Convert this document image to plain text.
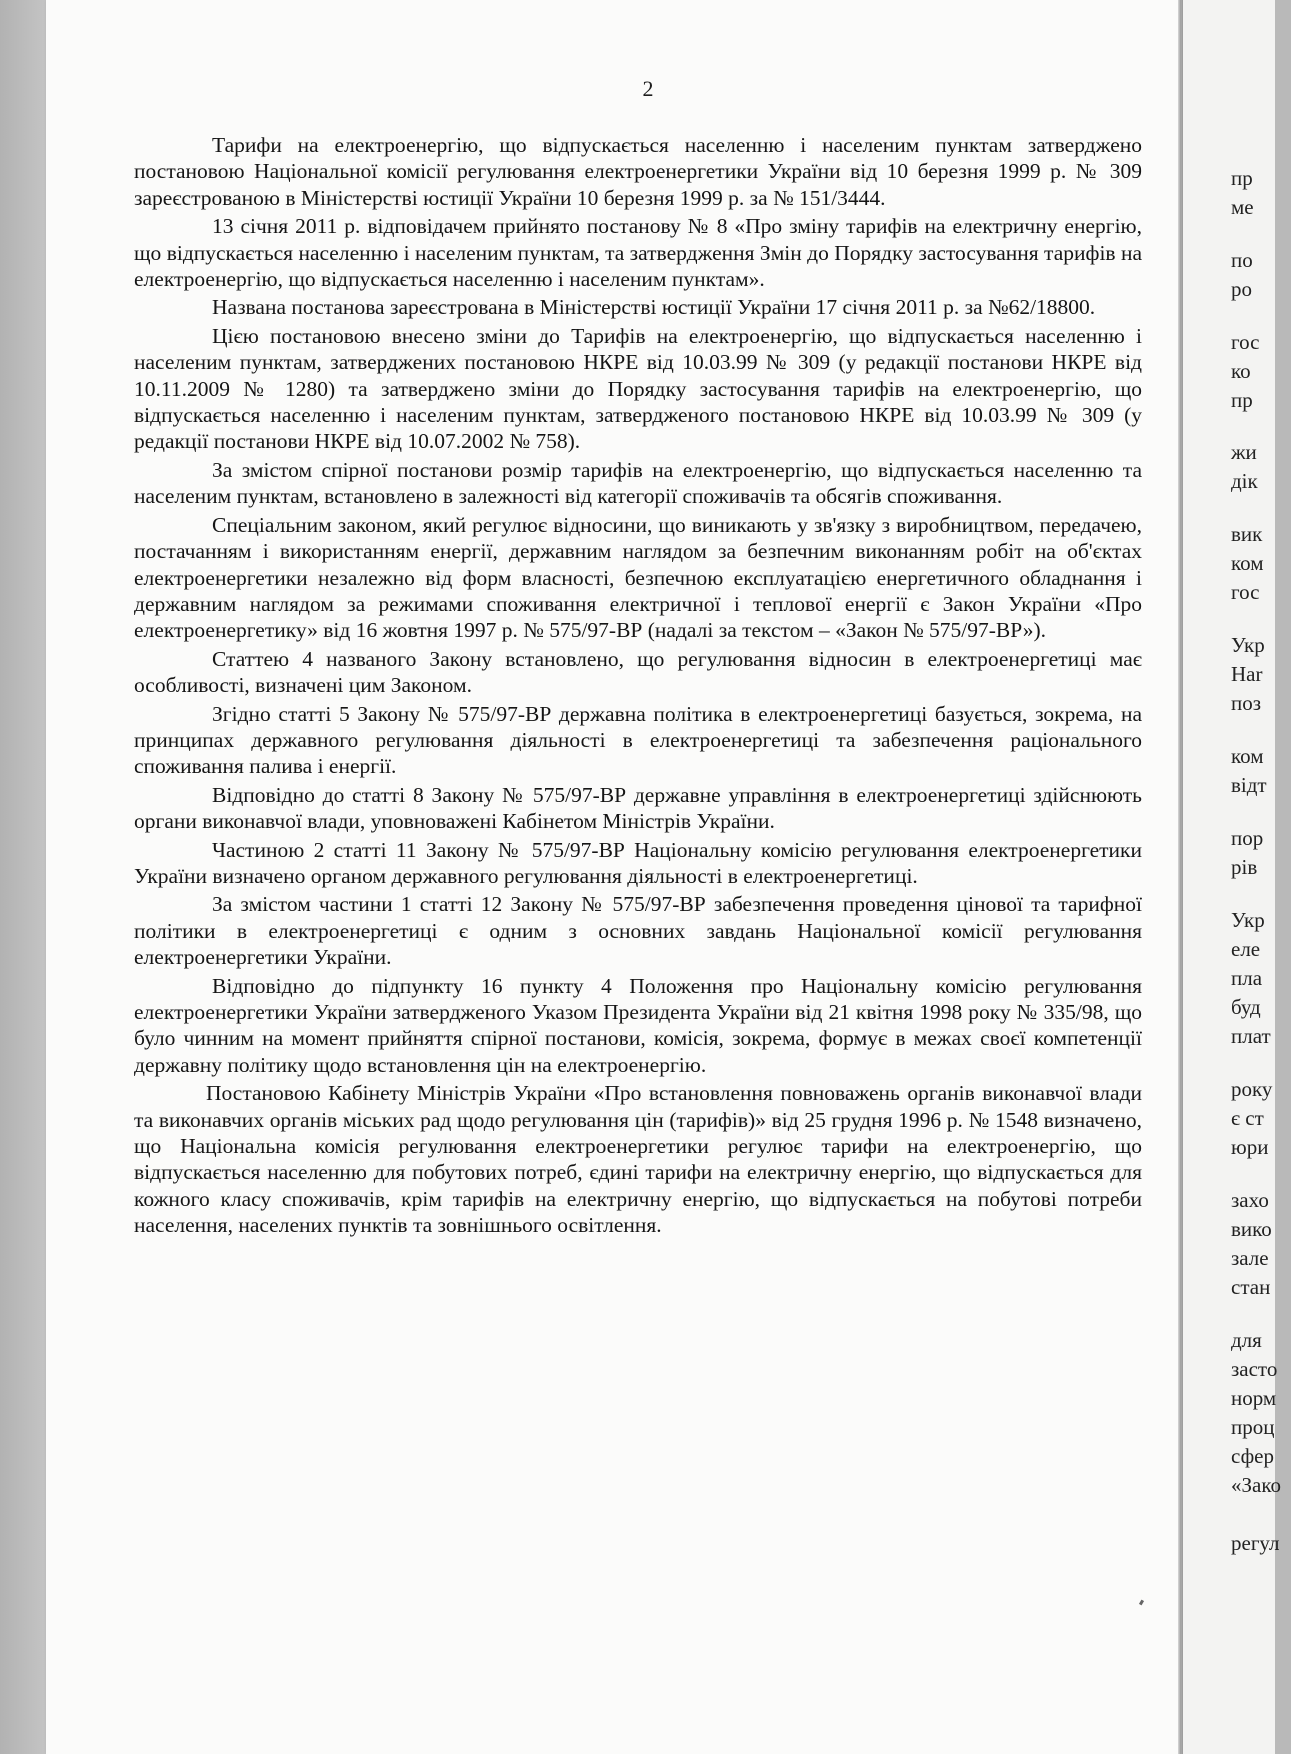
2

Тарифи на електроенергію, що відпускається населенню і населеним пунктам затверджено постановою Національної комісії регулювання електроенергетики України від 10 березня 1999 р. № 309 зареєстрованою в Міністерстві юстиції України 10 березня 1999 р. за № 151/3444.

13 січня 2011 р. відповідачем прийнято постанову № 8 «Про зміну тарифів на електричну енергію, що відпускається населенню і населеним пунктам, та затвердження Змін до Порядку застосування тарифів на електроенергію, що відпускається населенню і населеним пунктам».

Названа постанова зареєстрована в Міністерстві юстиції України 17 січня 2011 р. за №62/18800.

Цією постановою внесено зміни до Тарифів на електроенергію, що відпускається населенню і населеним пунктам, затверджених постановою НКРЕ від 10.03.99 № 309 (у редакції постанови НКРЕ від 10.11.2009 № 1280) та затверджено зміни до Порядку застосування тарифів на електроенергію, що відпускається населенню і населеним пунктам, затвердженого постановою НКРЕ від 10.03.99 № 309 (у редакції постанови НКРЕ від 10.07.2002 № 758).

За змістом спірної постанови розмір тарифів на електроенергію, що відпускається населенню та населеним пунктам, встановлено в залежності від категорії споживачів та обсягів споживання.

Спеціальним законом, який регулює відносини, що виникають у зв'язку з виробництвом, передачею, постачанням і використанням енергії, державним наглядом за безпечним виконанням робіт на об'єктах електроенергетики незалежно від форм власності, безпечною експлуатацією енергетичного обладнання і державним наглядом за режимами споживання електричної і теплової енергії є Закон України «Про електроенергетику» від 16 жовтня 1997 р. № 575/97-ВР (надалі за текстом – «Закон № 575/97-ВР»).

Статтею 4 названого Закону встановлено, що регулювання відносин в електроенергетиці має особливості, визначені цим Законом.

Згідно статті 5 Закону № 575/97-ВР державна політика в електроенергетиці базується, зокрема, на принципах державного регулювання діяльності в електроенергетиці та забезпечення раціонального споживання палива і енергії.

Відповідно до статті 8 Закону № 575/97-ВР державне управління в електроенергетиці здійснюють органи виконавчої влади, уповноважені Кабінетом Міністрів України.

Частиною 2 статті 11 Закону № 575/97-ВР Національну комісію регулювання електроенергетики України визначено органом державного регулювання діяльності в електроенергетиці.

За змістом частини 1 статті 12 Закону № 575/97-ВР забезпечення проведення цінової та тарифної політики в електроенергетиці є одним з основних завдань Національної комісії регулювання електроенергетики України.

Відповідно до підпункту 16 пункту 4 Положення про Національну комісію регулювання електроенергетики України затвердженого Указом Президента України від 21 квітня 1998 року № 335/98, що було чинним на момент прийняття спірної постанови, комісія, зокрема, формує в межах своєї компетенції державну політику щодо встановлення цін на електроенергію.

Постановою Кабінету Міністрів України «Про встановлення повноважень органів виконавчої влади та виконавчих органів міських рад щодо регулювання цін (тарифів)» від 25 грудня 1996 р. № 1548 визначено, що Національна комісія регулювання електроенергетики регулює тарифи на електроенергію, що відпускається населенню для побутових потреб, єдині тарифи на електричну енергію, що відпускається для кожного класу споживачів, крім тарифів на електричну енергію, що відпускається на побутові потреби населення, населених пунктів та зовнішнього освітлення.

пр
ме
по
ро
гос
ко
пр
жи
дік
вик
ком
гос
Укр
Наr
поз
ком
відт
пор
рів
Укр
еле
пла
буд
плат
року
є ст
юри
захо
вико
зале
стан
для
засто
норм
проц
сфер
«Зако
регул
